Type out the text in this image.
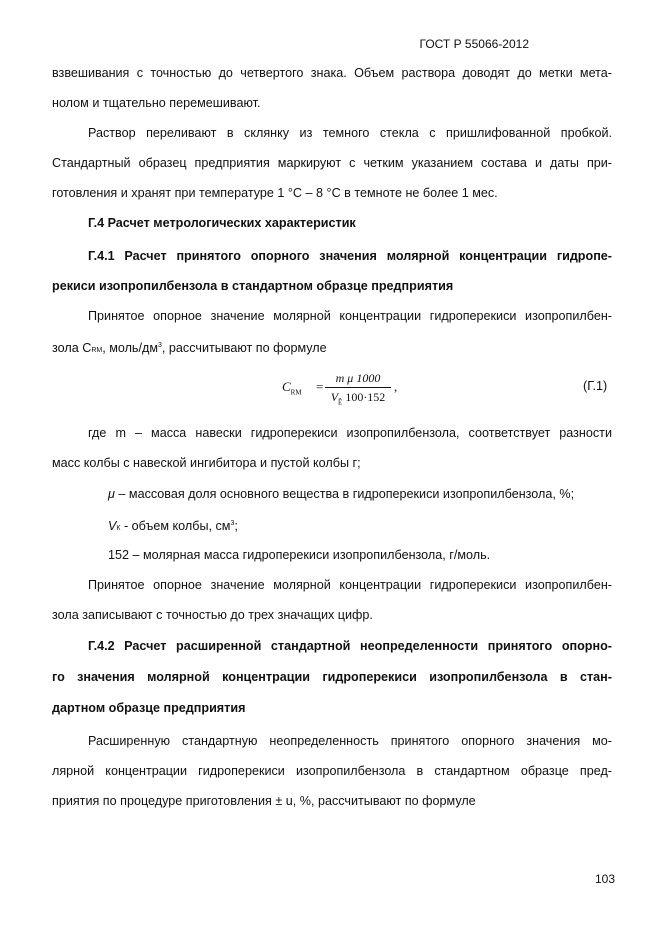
ГОСТ Р 55066-2012
взвешивания с точностью до четвертого знака. Объем раствора доводят до метки мета-
нолом и тщательно перемешивают.
Раствор переливают в склянку из темного стекла с пришлифованной пробкой.
Стандартный образец предприятия маркируют с четким указанием состава и даты при-
готовления и хранят при температуре 1 °С – 8 °С в темноте не более 1 мес.
Г.4 Расчет метрологических характеристик
Г.4.1 Расчет принятого опорного значения молярной концентрации гидропе-
рекиси изопропилбензола в стандартном образце предприятия
Принятое опорное значение молярной концентрации гидроперекиси изопропилбен-
зола CRM, моль/$дм^3$, рассчитывают по формуле
$C_{RM}$ =
m μ 1000
$V_Ê$ 100·152
,	(Г.1)
где m – масса навески гидроперекиси изопропилбензола, соответствует разности
масс колбы с навеской ингибитора и пустой колбы г;
μ – массовая доля основного вещества в гидроперекиси изопропилбензола, %;
VК - объем колбы, $см^3$;
152 – молярная масса гидроперекиси изопропилбензола, г/моль.
Принятое опорное значение молярной концентрации гидроперекиси изопропилбен-
зола записывают с точностью до трех значащих цифр.
Г.4.2 Расчет расширенной стандартной неопределенности принятого опорно-
го значения молярной концентрации гидроперекиси изопропилбензола в стан-
дартном образце предприятия
Расширенную стандартную неопределенность принятого опорного значения мо-
лярной концентрации гидроперекиси изопропилбензола в стандартном образце пред-
приятия по процедуре приготовления ± u, %, рассчитывают по формуле
103
